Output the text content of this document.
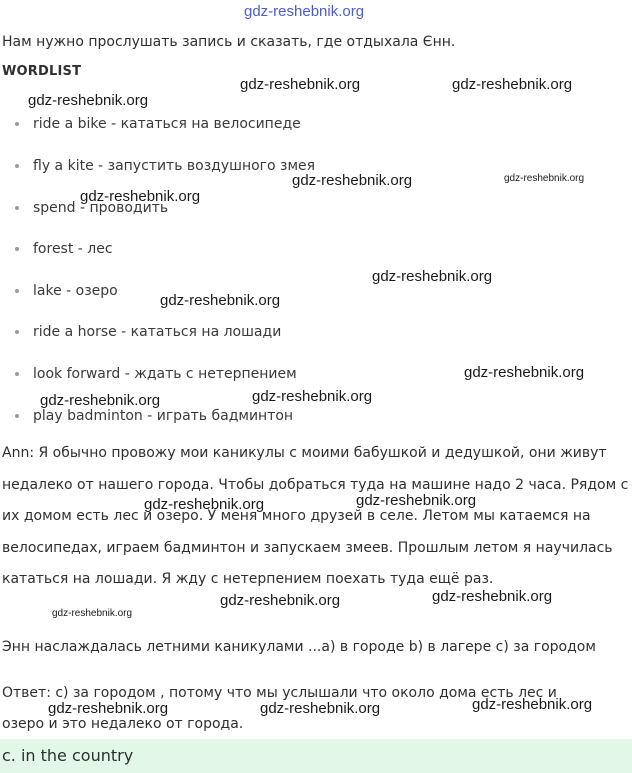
Нам нужно прослушать запись и сказать, где отдыхала Єнн.
WORDLIST
ride a bike - кататься на велосипеде
fly a kite - запустить воздушного змея
spend - проводить
forest - лес
lake - озеро
ride a horse - кататься на лошади
look forward - ждать с нетерпением
play badminton - играть бадминтон
Ann: Я обычно провожу мои каникулы с моими бабушкой и дедушкой, они живут недалеко от нашего города. Чтобы добраться туда на машине надо 2 часа. Рядом с их домом есть лес и озеро. У меня много друзей в селе. Летом мы катаемся на велосипедах, играем бадминтон и запускаем змеев. Прошлым летом я научилась кататься на лошади. Я жду с нетерпением поехать туда ещё раз.
Энн наслаждалась летними каникулами ...а) в городе b) в лагере с) за городом
Ответ: с) за городом , потому что мы услышали что около дома есть лес и озеро и это недалеко от города.
c. in the country
gdz-reshebnik.org
gdz-reshebnik.org	gdz-reshebnik.org
gdz-reshebnik.org
gdz-reshebnik.org	gdz-reshebnik.org
gdz-reshebnik.org
gdz-reshebnik.org
gdz-reshebnik.org
gdz-reshebnik.org
gdz-reshebnik.org
gdz-reshebnik.org
gdz-reshebnik.org
gdz-reshebnik.org
gdz-reshebnik.org
gdz-reshebnik.org
gdz-reshebnik.org
gdz-reshebnik.org
gdz-reshebnik.org
gdz-reshebnik.org
